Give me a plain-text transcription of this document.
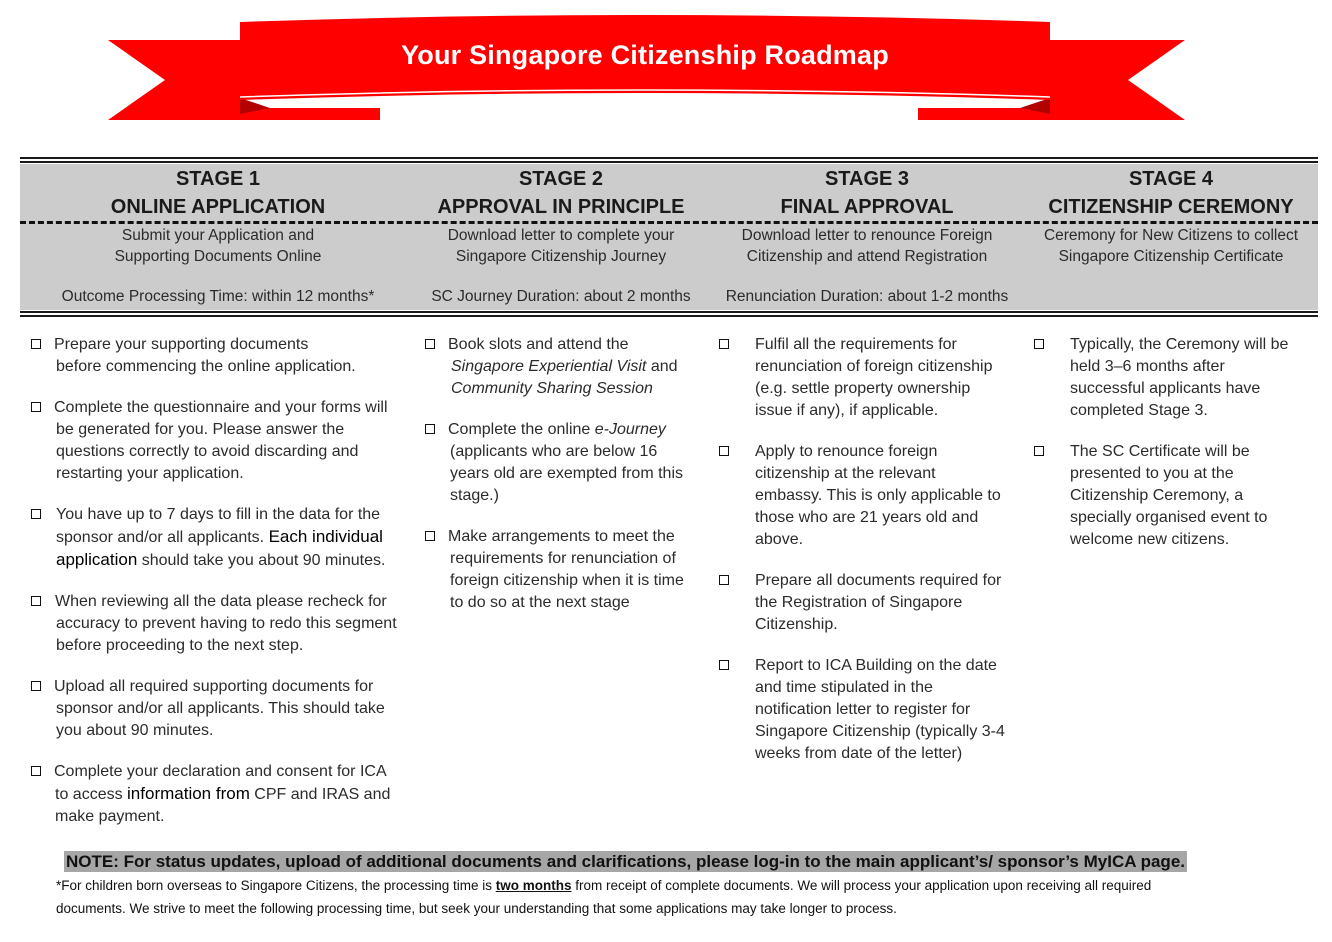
Your Singapore Citizenship Roadmap
STAGE 1
ONLINE APPLICATION
Submit your Application and
Supporting Documents Online
Outcome Processing Time: within 12 months*
STAGE 2
APPROVAL IN PRINCIPLE
Download letter to complete your
Singapore Citizenship Journey
SC Journey Duration: about 2 months
STAGE 3
FINAL APPROVAL
Download letter to renounce Foreign
Citizenship and attend Registration
Renunciation Duration: about 1-2 months
STAGE 4
CITIZENSHIP CEREMONY
Ceremony for New Citizens to collect
Singapore Citizenship Certificate
Prepare your supporting documents
before commencing the online application.
Complete the questionnaire and your forms will
be generated for you. Please answer the
questions correctly to avoid discarding and
restarting your application.
You have up to 7 days to fill in the data for the
sponsor and/or all applicants. Each individual
application should take you about 90 minutes.
When reviewing all the data please recheck for
accuracy to prevent having to redo this segment
before proceeding to the next step.
Upload all required supporting documents for
sponsor and/or all applicants. This should take
you about 90 minutes.
Complete your declaration and consent for ICA
to access information from CPF and IRAS and
make payment.
Book slots and attend the
Singapore Experiential Visit and
Community Sharing Session
Complete the online e-Journey
(applicants who are below 16
years old are exempted from this
stage.)
Make arrangements to meet the
requirements for renunciation of
foreign citizenship when it is time
to do so at the next stage
Fulfil all the requirements for
renunciation of foreign citizenship
(e.g. settle property ownership
issue if any), if applicable.
Apply to renounce foreign
citizenship at the relevant
embassy. This is only applicable to
those who are 21 years old and
above.
Prepare all documents required for
the Registration of Singapore
Citizenship.
Report to ICA Building on the date
and time stipulated in the
notification letter to register for
Singapore Citizenship (typically 3-4
weeks from date of the letter)
Typically, the Ceremony will be
held 3–6 months after
successful applicants have
completed Stage 3.
The SC Certificate will be
presented to you at the
Citizenship Ceremony, a
specially organised event to
welcome new citizens.
NOTE: For status updates, upload of additional documents and clarifications, please log-in to the main applicant’s/ sponsor’s MyICA page.
*For children born overseas to Singapore Citizens, the processing time is two months from receipt of complete documents. We will process your application upon receiving all required
documents. We strive to meet the following processing time, but seek your understanding that some applications may take longer to process.
